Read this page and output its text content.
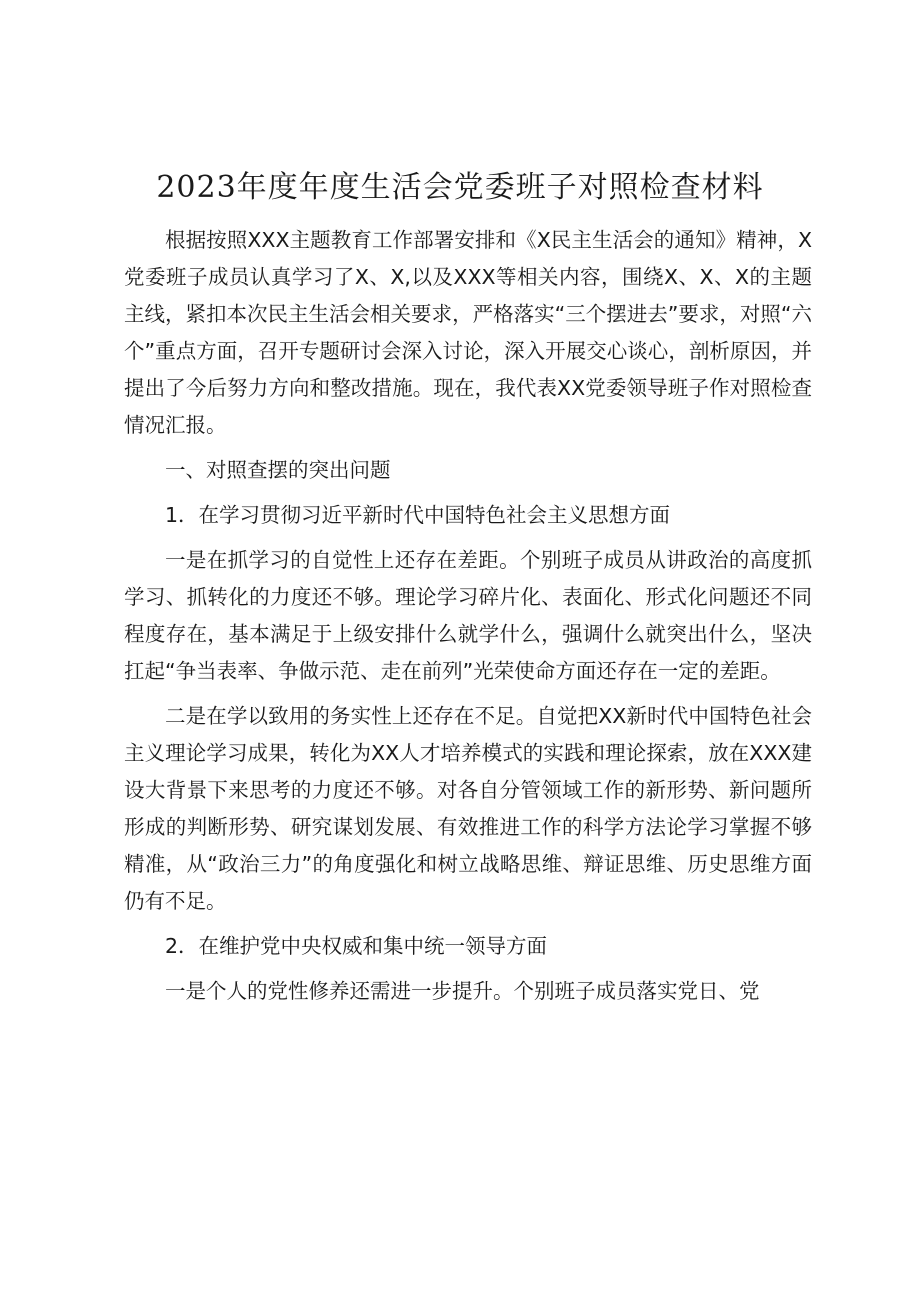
2023年度年度生活会党委班子对照检查材料

根据按照XXX主题教育工作部署安排和《X民主生活会的通知》精神，X党委班子成员认真学习了X、X,以及XXX等相关内容，围绕X、X、X的主题主线，紧扣本次民主生活会相关要求，严格落实“三个摆进去”要求，对照“六个”重点方面，召开专题研讨会深入讨论，深入开展交心谈心，剖析原因，并提出了今后努力方向和整改措施。现在，我代表XX党委领导班子作对照检查情况汇报。

一、对照查摆的突出问题

1．在学习贯彻习近平新时代中国特色社会主义思想方面

一是在抓学习的自觉性上还存在差距。个别班子成员从讲政治的高度抓学习、抓转化的力度还不够。理论学习碎片化、表面化、形式化问题还不同程度存在，基本满足于上级安排什么就学什么，强调什么就突出什么，坚决扛起“争当表率、争做示范、走在前列”光荣使命方面还存在一定的差距。

二是在学以致用的务实性上还存在不足。自觉把XX新时代中国特色社会主义理论学习成果，转化为XX人才培养模式的实践和理论探索，放在XXX建设大背景下来思考的力度还不够。对各自分管领域工作的新形势、新问题所形成的判断形势、研究谋划发展、有效推进工作的科学方法论学习掌握不够精准，从“政治三力”的角度强化和树立战略思维、辩证思维、历史思维方面仍有不足。

2．在维护党中央权威和集中统一领导方面

一是个人的党性修养还需进一步提升。个别班子成员落实党日、党
